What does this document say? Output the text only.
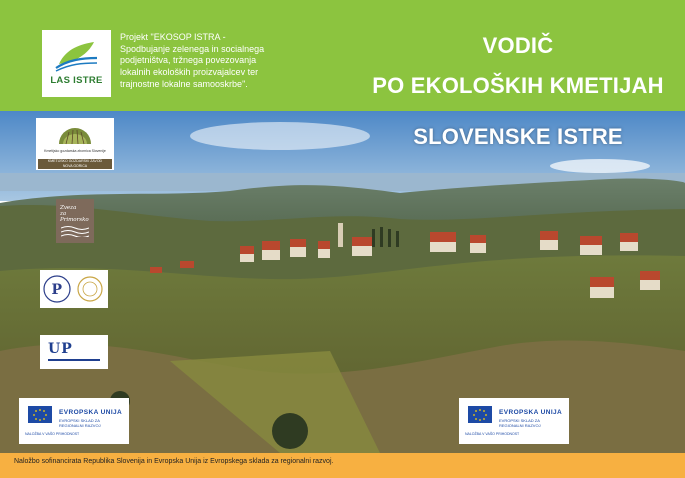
Naložbo sofinancirata Republika Slovenija in Evropska Unija iz Evropskega sklada za regionalni razvoj.
LAS ISTRE
Projekt "EKOSOP ISTRA -
Spodbujanje zelenega in socialnega
podjetništva, tržnega povezovanja
lokalnih ekoloških proizvajalcev ter
trajnostne lokalne samooskrbe".
VODIČ
PO EKOLOŠKIH KMETIJAH
SLOVENSKE ISTRE
Kmetijsko gozdarska zbornica Slovenije
KMETIJSKO GOZDARSKI ZAVOD
NOVA GORICA
Zveza
za
Primorsko
P
UP
EVROPSKA UNIJA
EVROPSKI SKLAD ZA
REGIONALNI RAZVOJ
NALOŽBA V VAŠO PRIHODNOST
EVROPSKA UNIJA
EVROPSKI SKLAD ZA
REGIONALNI RAZVOJ
NALOŽBA V VAŠO PRIHODNOST
